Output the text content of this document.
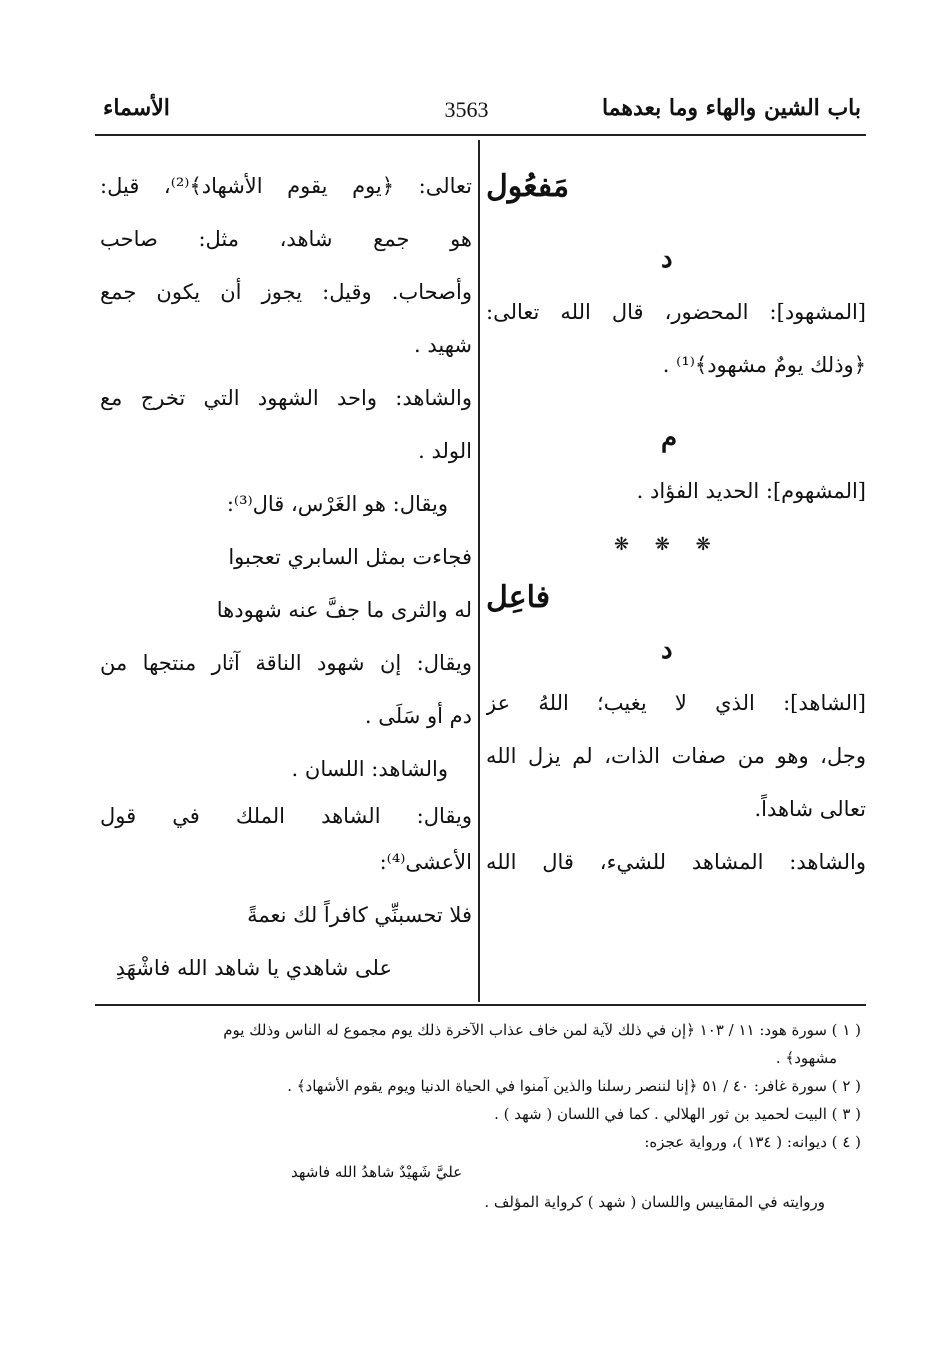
باب الشين والهاء وما بعدهما
3563
الأسماء
مَفعُول
د
[المشهود]: المحضور، قال الله تعالى:
﴿وذلك يومٌ مشهود﴾⁽¹⁾ .
م
[المشهوم]: الحديد الفؤاد .
❋ ❋ ❋
فاعِل
د
[الشاهد]: الذي لا يغيب؛ اللهُ عز
وجل، وهو من صفات الذات، لم يزل الله
تعالى شاهداً.
والشاهد: المشاهد للشيء، قال الله
تعالى: ﴿يوم يقوم الأشهاد﴾⁽²⁾، قيل:
هو جمع شاهد، مثل: صاحب
وأصحاب. وقيل: يجوز أن يكون جمع
شهيد .
والشاهد: واحد الشهود التي تخرج مع
الولد .
ويقال: هو الغَرْس، قال⁽³⁾:
فجاءت بمثل السابري تعجبوا
له والثرى ما جفَّ عنه شهودها
ويقال: إن شهود الناقة آثار منتجها من
دم أو سَلَى .
والشاهد: اللسان .
ويقال: الشاهد الملك في قول
الأعشى⁽⁴⁾:
فلا تحسبنِّي كافراً لك نعمةً
على شاهدي يا شاهد الله فاشْهَدِ
( ١ ) سورة هود: ١١ / ١٠٣ ﴿إن في ذلك لآية لمن خاف عذاب الآخرة ذلك يوم مجموع له الناس وذلك يوم
مشهود﴾ .
( ٢ ) سورة غافر: ٤٠ / ٥١ ﴿إنا لننصر رسلنا والذين آمنوا في الحياة الدنيا ويوم يقوم الأشهاد﴾ .
( ٣ ) البيت لحميد بن ثور الهلالي . كما في اللسان ( شهد ) .
( ٤ ) ديوانه: ( ١٣٤ )، ورواية عجزه:
عليَّ شَهيْدٌ شاهدُ الله فاشهد
وروايته في المقاييس واللسان ( شهد ) كرواية المؤلف .
